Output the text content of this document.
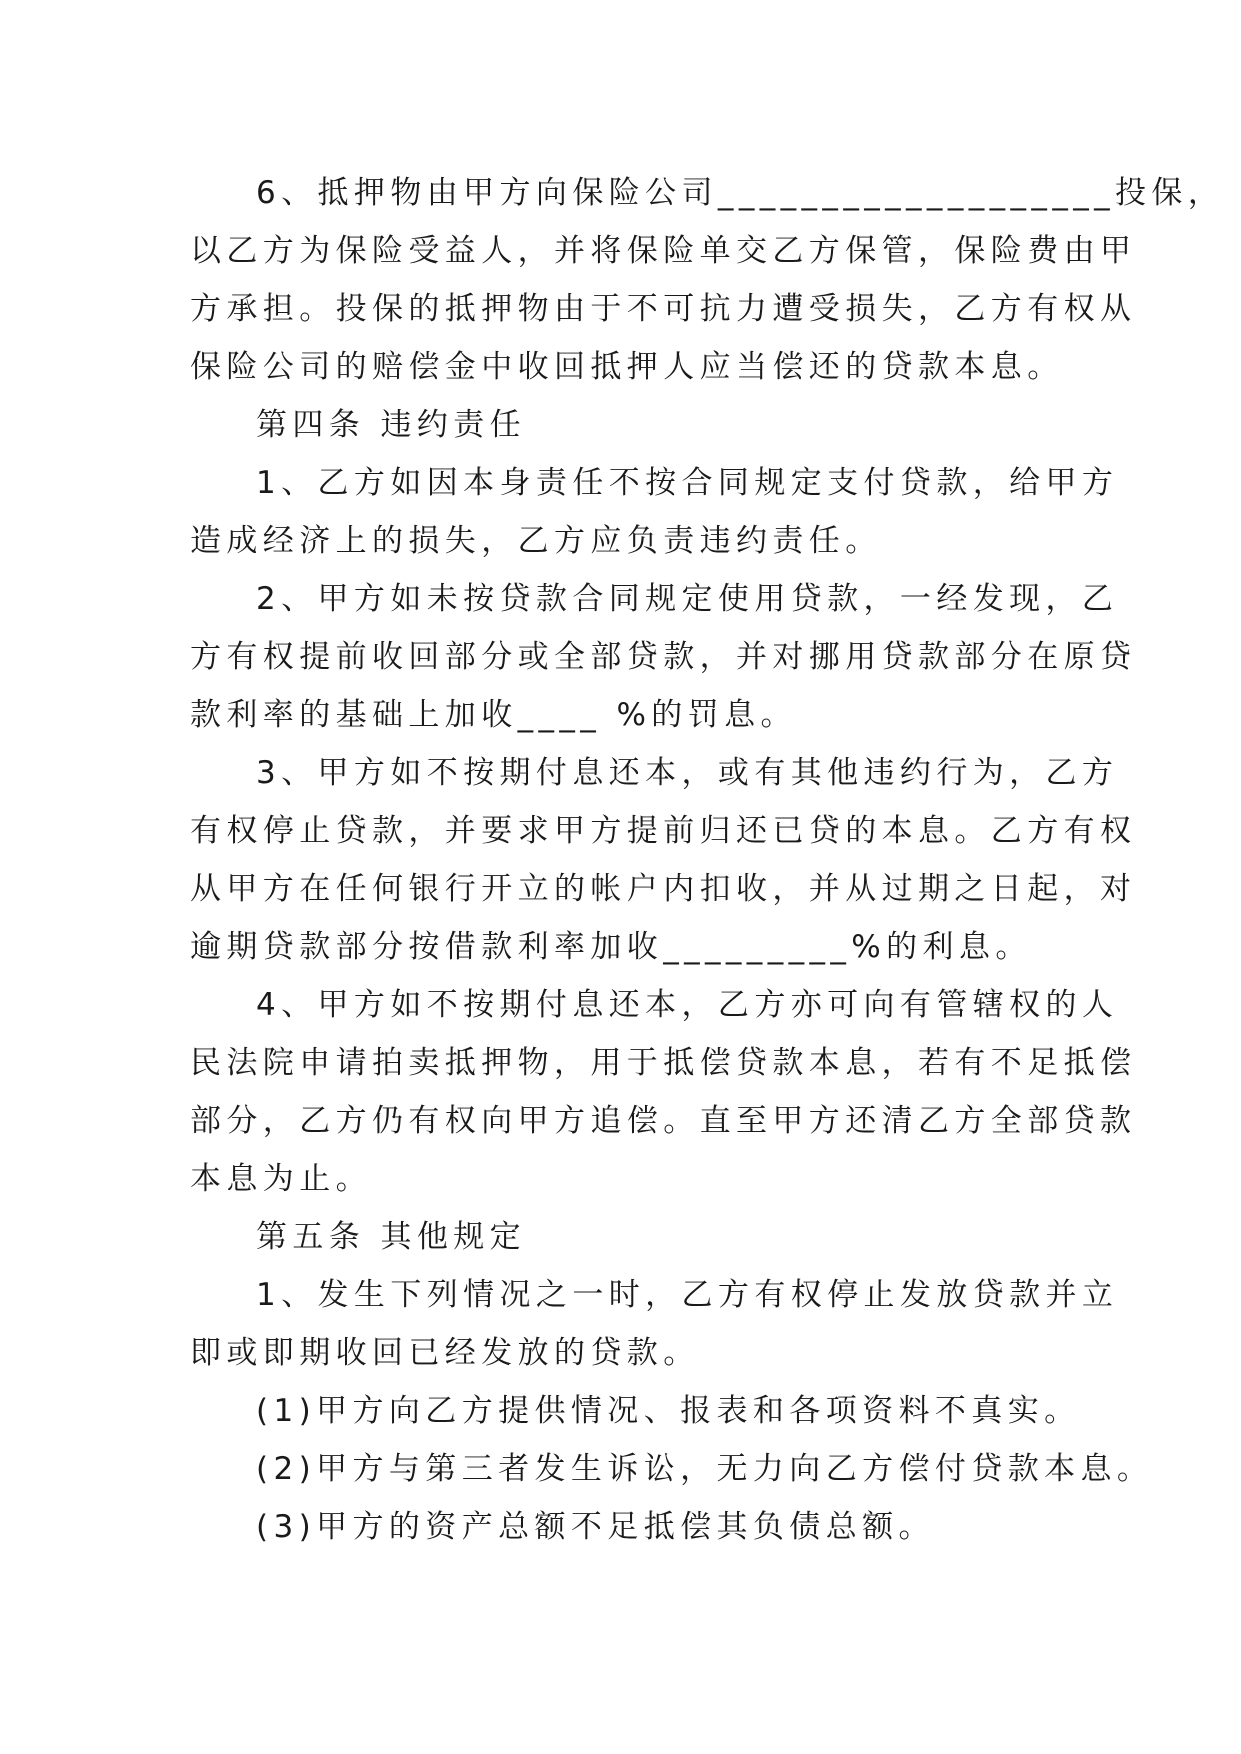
6、抵押物由甲方向保险公司___________________投保，
以乙方为保险受益人，并将保险单交乙方保管，保险费由甲
方承担。投保的抵押物由于不可抗力遭受损失，乙方有权从
保险公司的赔偿金中收回抵押人应当偿还的贷款本息。
第四条 违约责任
1、乙方如因本身责任不按合同规定支付贷款，给甲方
造成经济上的损失，乙方应负责违约责任。
2、甲方如未按贷款合同规定使用贷款，一经发现，乙
方有权提前收回部分或全部贷款，并对挪用贷款部分在原贷
款利率的基础上加收____ %的罚息。
3、甲方如不按期付息还本，或有其他违约行为，乙方
有权停止贷款，并要求甲方提前归还已贷的本息。乙方有权
从甲方在任何银行开立的帐户内扣收，并从过期之日起，对
逾期贷款部分按借款利率加收_________%的利息。
4、甲方如不按期付息还本，乙方亦可向有管辖权的人
民法院申请拍卖抵押物，用于抵偿贷款本息，若有不足抵偿
部分，乙方仍有权向甲方追偿。直至甲方还清乙方全部贷款
本息为止。
第五条 其他规定
1、发生下列情况之一时，乙方有权停止发放贷款并立
即或即期收回已经发放的贷款。
(1)甲方向乙方提供情况、报表和各项资料不真实。
(2)甲方与第三者发生诉讼，无力向乙方偿付贷款本息。
(3)甲方的资产总额不足抵偿其负债总额。
